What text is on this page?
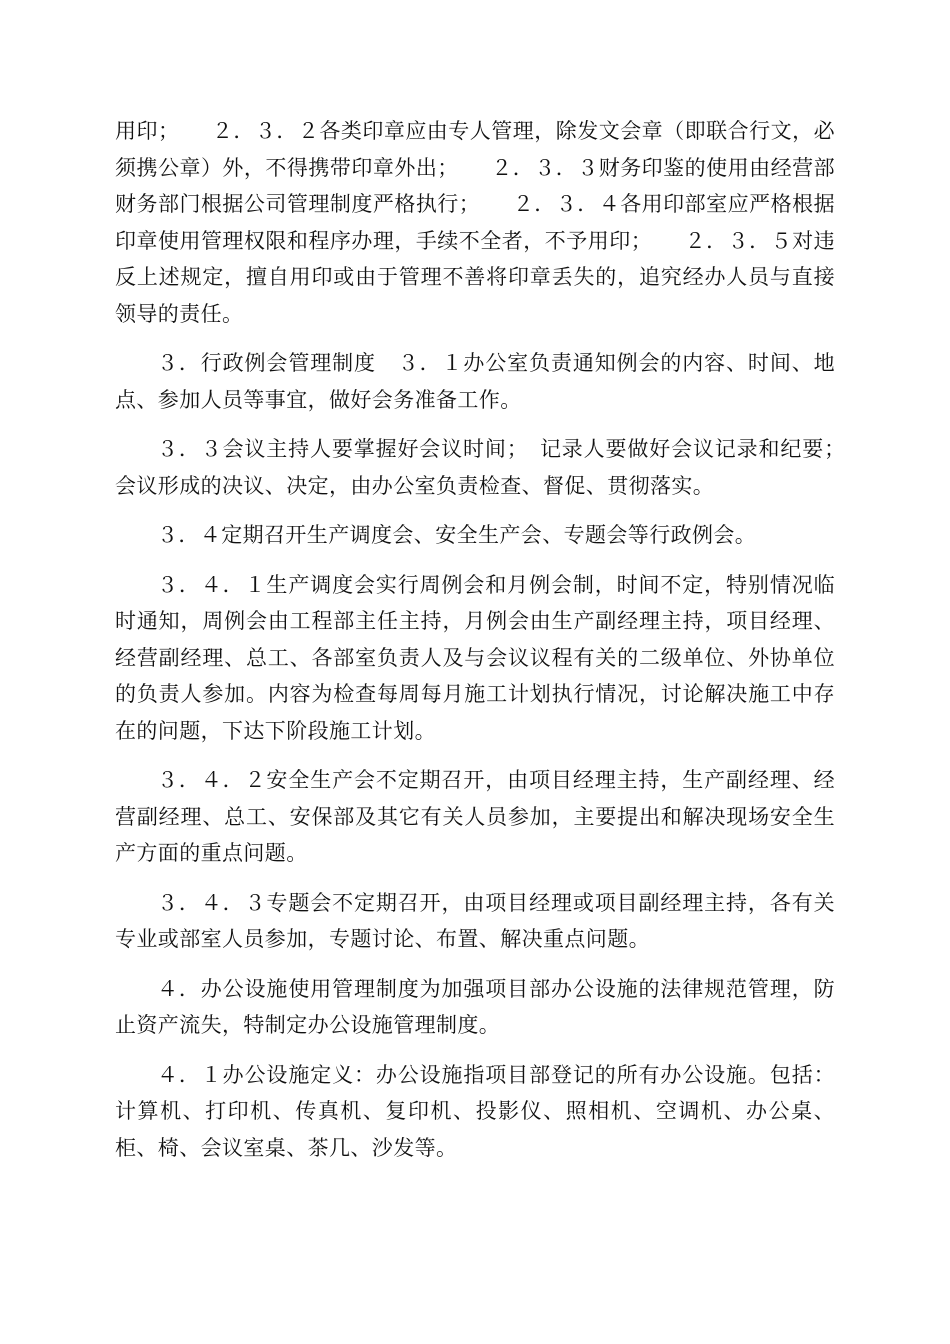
用印；　　２．３．２各类印章应由专人管理，除发文会章（即联合行文，必须携公章）外，不得携带印章外出；　　２．３．３财务印鉴的使用由经营部财务部门根据公司管理制度严格执行；　　２．３．４各用印部室应严格根据印章使用管理权限和程序办理，手续不全者，不予用印；　　２．３．５对违反上述规定，擅自用印或由于管理不善将印章丢失的，追究经办人员与直接领导的责任。

３．行政例会管理制度　３．１办公室负责通知例会的内容、时间、地点、参加人员等事宜，做好会务准备工作。

３．３会议主持人要掌握好会议时间；　记录人要做好会议记录和纪要；　会议形成的决议、决定，由办公室负责检查、督促、贯彻落实。

３．４定期召开生产调度会、安全生产会、专题会等行政例会。

３．４．１生产调度会实行周例会和月例会制，时间不定，特别情况临时通知，周例会由工程部主任主持，月例会由生产副经理主持，项目经理、经营副经理、总工、各部室负责人及与会议议程有关的二级单位、外协单位的负责人参加。内容为检查每周每月施工计划执行情况，讨论解决施工中存在的问题，下达下阶段施工计划。

３．４．２安全生产会不定期召开，由项目经理主持，生产副经理、经营副经理、总工、安保部及其它有关人员参加，主要提出和解决现场安全生产方面的重点问题。

３．４．３专题会不定期召开，由项目经理或项目副经理主持，各有关专业或部室人员参加，专题讨论、布置、解决重点问题。

４．办公设施使用管理制度为加强项目部办公设施的法律规范管理，防止资产流失，特制定办公设施管理制度。

４．１办公设施定义：办公设施指项目部登记的所有办公设施。包括：计算机、打印机、传真机、复印机、投影仪、照相机、空调机、办公桌、柜、椅、会议室桌、茶几、沙发等。
